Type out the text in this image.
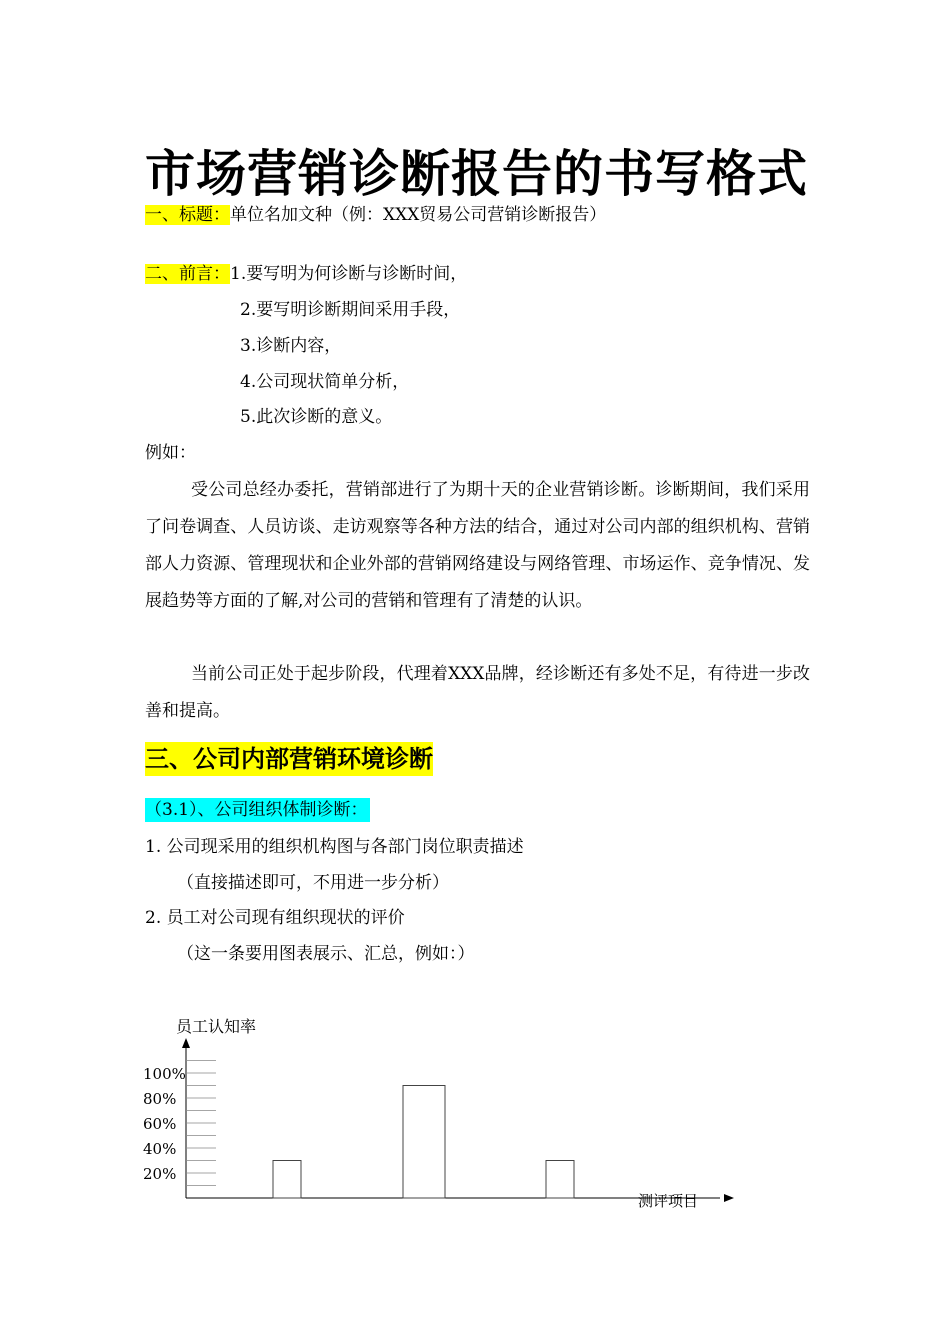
市场营销诊断报告的书写格式
一、标题：单位名加文种（例：XXX贸易公司营销诊断报告）
二、前言：1.要写明为何诊断与诊断时间，
2.要写明诊断期间采用手段，
3.诊断内容，
4.公司现状简单分析，
5.此次诊断的意义。
例如：
受公司总经办委托，营销部进行了为期十天的企业营销诊断。诊断期间，我们采用了问卷调查、人员访谈、走访观察等各种方法的结合，通过对公司内部的组织机构、营销部人力资源、管理现状和企业外部的营销网络建设与网络管理、市场运作、竞争情况、发展趋势等方面的了解,对公司的营销和管理有了清楚的认识。
当前公司正处于起步阶段，代理着XXX品牌，经诊断还有多处不足，有待进一步改善和提高。
三、公司内部营销环境诊断
（3.1）、公司组织体制诊断：
1. 公司现采用的组织机构图与各部门岗位职责描述
（直接描述即可，不用进一步分析）
2. 员工对公司现有组织现状的评价
（这一条要用图表展示、汇总，例如：）
员工认知率
测评项目
100%
80%
60%
40%
20%
